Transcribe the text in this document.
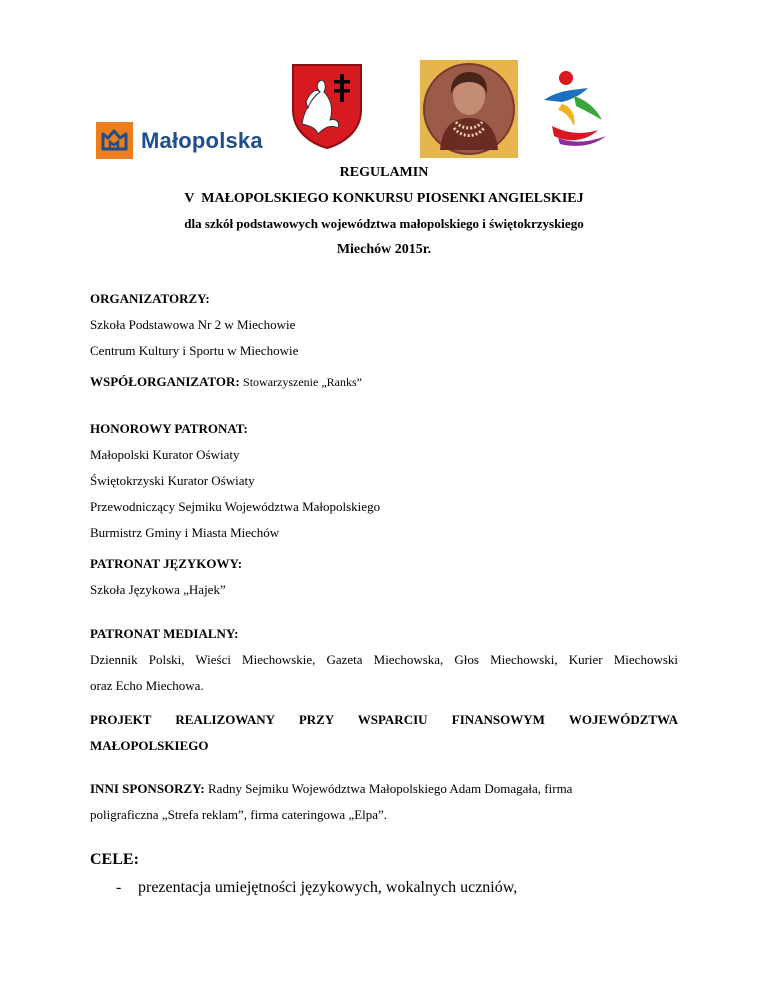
Małopolska
REGULAMIN
V  MAŁOPOLSKIEGO KONKURSU PIOSENKI ANGIELSKIEJ
dla szkół podstawowych województwa małopolskiego i świętokrzyskiego
Miechów 2015r.
ORGANIZATORZY:
Szkoła Podstawowa Nr 2 w Miechowie
Centrum Kultury i Sportu w Miechowie
WSPÓŁORGANIZATOR: Stowarzyszenie „Ranks”
HONOROWY PATRONAT:
Małopolski Kurator Oświaty
Świętokrzyski Kurator Oświaty
Przewodniczący Sejmiku Województwa Małopolskiego
Burmistrz Gminy i Miasta Miechów
PATRONAT JĘZYKOWY:
Szkoła Językowa „Hajek”
PATRONAT MEDIALNY:
Dziennik Polski, Wieści Miechowskie, Gazeta Miechowska, Głos Miechowski, Kurier Miechowski
oraz Echo Miechowa.
PROJEKT REALIZOWANY PRZY WSPARCIU FINANSOWYM WOJEWÓDZTWA
MAŁOPOLSKIEGO
INNI SPONSORZY: Radny Sejmiku Województwa Małopolskiego Adam Domagała, firma
poligraficzna „Strefa reklam”, firma cateringowa „Elpa”.
CELE:
-	prezentacja umiejętności językowych, wokalnych uczniów,
